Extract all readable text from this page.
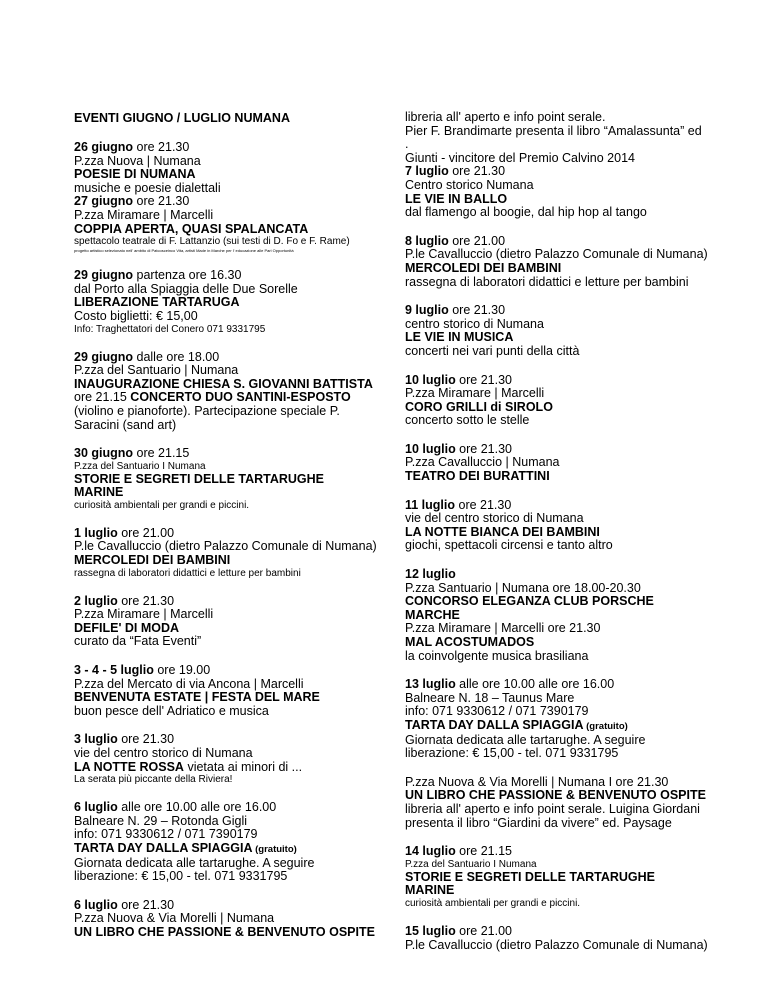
EVENTI GIUGNO / LUGLIO NUMANA
26 giugno ore 21.30
P.zza Nuova | Numana
POESIE DI NUMANA
musiche e poesie dialettali
27 giugno ore 21.30
P.zza Miramare | Marcelli
COPPIA APERTA, QUASI SPALANCATA
spettacolo teatrale di F. Lattanzio (sui testi di D. Fo e F. Rame)
progetto artistico selezionato nell' ambito di Patcosceinco Vita, artisti Made in Marche per l' educazione alle Pari Opportunità
29 giugno partenza ore 16.30
dal Porto alla Spiaggia delle Due Sorelle
LIBERAZIONE TARTARUGA
Costo biglietti: € 15,00
Info: Traghettatori del Conero 071 9331795
29 giugno dalle ore 18.00
P.zza del Santuario | Numana
INAUGURAZIONE CHIESA S. GIOVANNI BATTISTA
ore 21.15 CONCERTO DUO SANTINI-ESPOSTO
(violino e pianoforte). Partecipazione speciale P. Saracini (sand art)
30 giugno ore 21.15
P.zza del Santuario I Numana
STORIE E SEGRETI DELLE TARTARUGHE MARINE
curiosità ambientali per grandi e piccini.
1 luglio ore 21.00
P.le Cavalluccio (dietro Palazzo Comunale di Numana)
MERCOLEDI DEI BAMBINI
rassegna di laboratori didattici e letture per bambini
2 luglio ore 21.30
P.zza Miramare | Marcelli
DEFILE' DI MODA
curato da “Fata Eventi”
3 - 4 - 5 luglio ore 19.00
P.zza del Mercato di via Ancona | Marcelli
BENVENUTA ESTATE | FESTA DEL MARE
buon pesce dell' Adriatico e musica
3 luglio ore 21.30
vie del centro storico di Numana
LA NOTTE ROSSA vietata ai minori di ...
La serata più piccante della Riviera!
6 luglio alle ore 10.00 alle ore 16.00
Balneare N. 29 – Rotonda Gigli
info: 071 9330612 / 071 7390179
TARTA DAY DALLA SPIAGGIA (gratuito)
Giornata dedicata alle tartarughe. A seguire
liberazione: € 15,00 - tel. 071 9331795
6 luglio ore 21.30
P.zza Nuova & Via Morelli | Numana
UN LIBRO CHE PASSIONE & BENVENUTO OSPITE
libreria all' aperto e info point serale.
Pier F. Brandimarte presenta il libro “Amalassunta” ed
.
Giunti - vincitore del Premio Calvino 2014
7 luglio ore 21.30
Centro storico Numana
LE VIE IN BALLO
dal flamengo al boogie, dal hip hop al tango
8 luglio ore 21.00
P.le Cavalluccio (dietro Palazzo Comunale di Numana)
MERCOLEDI DEI BAMBINI
rassegna di laboratori didattici e letture per bambini
9 luglio ore 21.30
centro storico di Numana
LE VIE IN MUSICA
concerti nei vari punti della città
10 luglio ore 21.30
P.zza Miramare | Marcelli
CORO GRILLI di SIROLO
concerto sotto le stelle
10 luglio ore 21.30
P.zza Cavalluccio | Numana
TEATRO DEI BURATTINI
11 luglio ore 21.30
vie del centro storico di Numana
LA NOTTE BIANCA DEI BAMBINI
giochi, spettacoli circensi e tanto altro
12 luglio
P.zza Santuario | Numana ore 18.00-20.30
CONCORSO ELEGANZA CLUB PORSCHE
MARCHE
P.zza Miramare | Marcelli ore 21.30
MAL ACOSTUMADOS
la coinvolgente musica brasiliana
13 luglio alle ore 10.00 alle ore 16.00
Balneare N. 18 – Taunus Mare
info: 071 9330612 / 071 7390179
TARTA DAY DALLA SPIAGGIA (gratuito)
Giornata dedicata alle tartarughe. A seguire
liberazione: € 15,00 - tel. 071 9331795
P.zza Nuova & Via Morelli | Numana I ore 21.30
UN LIBRO CHE PASSIONE & BENVENUTO OSPITE
libreria all' aperto e info point serale. Luigina Giordani
presenta il libro “Giardini da vivere” ed. Paysage
14 luglio ore 21.15
P.zza del Santuario I Numana
STORIE E SEGRETI DELLE TARTARUGHE
MARINE
curiosità ambientali per grandi e piccini.
15 luglio ore 21.00
P.le Cavalluccio (dietro Palazzo Comunale di Numana)
